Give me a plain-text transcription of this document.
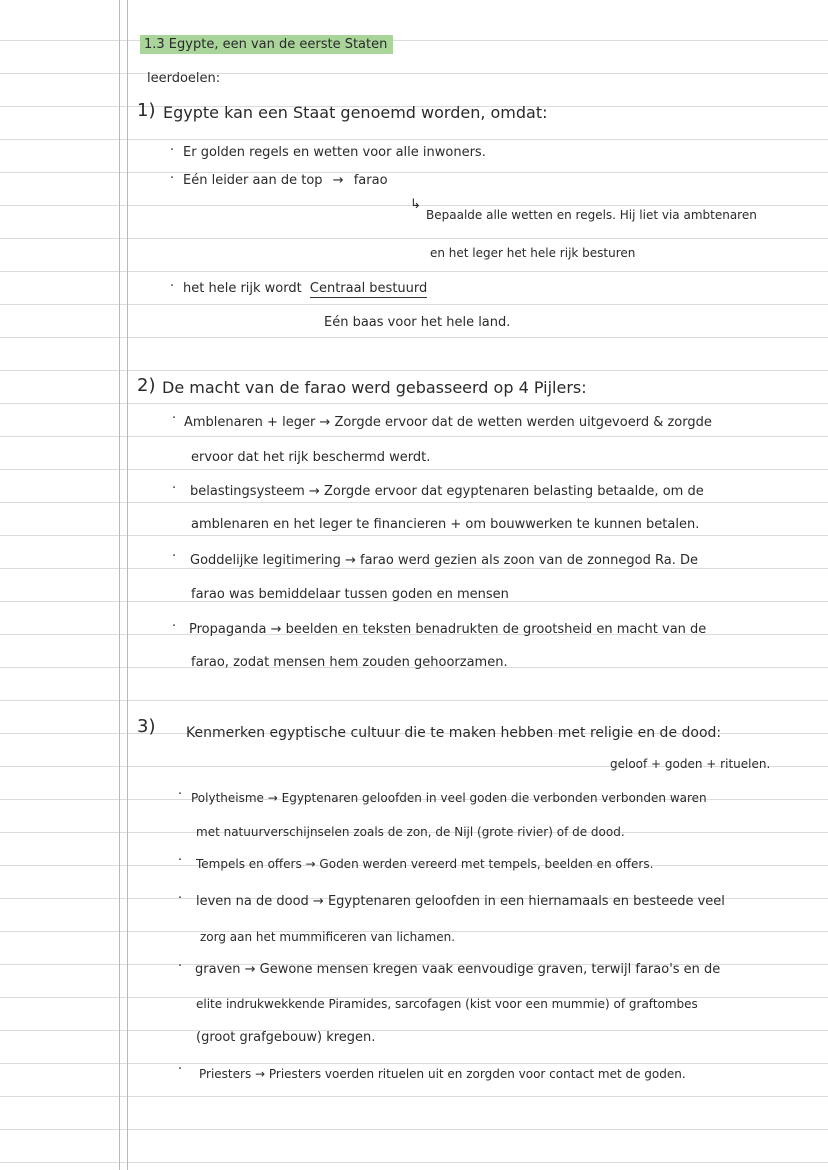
1.3 Egypte, een van de eerste Staten
leerdoelen:
1) Egypte kan een Staat genoemd worden, omdat:
· Er golden regels en wetten voor alle inwoners.
· Eén leider aan de top → farao
↳
Bepaalde alle wetten en regels. Hij liet via ambtenaren
en het leger het hele rijk besturen
· het hele rijk wordt Centraal bestuurd
Eén baas voor het hele land.
2) De macht van de farao werd gebasseerd op 4 Pijlers:
· Amblenaren + leger → Zorgde ervoor dat de wetten werden uitgevoerd & zorgde
ervoor dat het rijk beschermd werdt.
· belastingsysteem → Zorgde ervoor dat egyptenaren belasting betaalde, om de
amblenaren en het leger te financieren + om bouwwerken te kunnen betalen.
· Goddelijke legitimering → farao werd gezien als zoon van de zonnegod Ra. De
farao was bemiddelaar tussen goden en mensen
· Propaganda → beelden en teksten benadrukten de grootsheid en macht van de
farao, zodat mensen hem zouden gehoorzamen.
3) Kenmerken egyptische cultuur die te maken hebben met religie en de dood:
geloof + goden + rituelen.
· Polytheisme → Egyptenaren geloofden in veel goden die verbonden verbonden waren
met natuurverschijnselen zoals de zon, de Nijl (grote rivier) of de dood.
· Tempels en offers → Goden werden vereerd met tempels, beelden en offers.
· leven na de dood → Egyptenaren geloofden in een hiernamaals en besteede veel
zorg aan het mummificeren van lichamen.
· graven → Gewone mensen kregen vaak eenvoudige graven, terwijl farao's en de
elite indrukwekkende Piramides, sarcofagen (kist voor een mummie) of graftombes
(groot grafgebouw) kregen.
· Priesters → Priesters voerden rituelen uit en zorgden voor contact met de goden.
